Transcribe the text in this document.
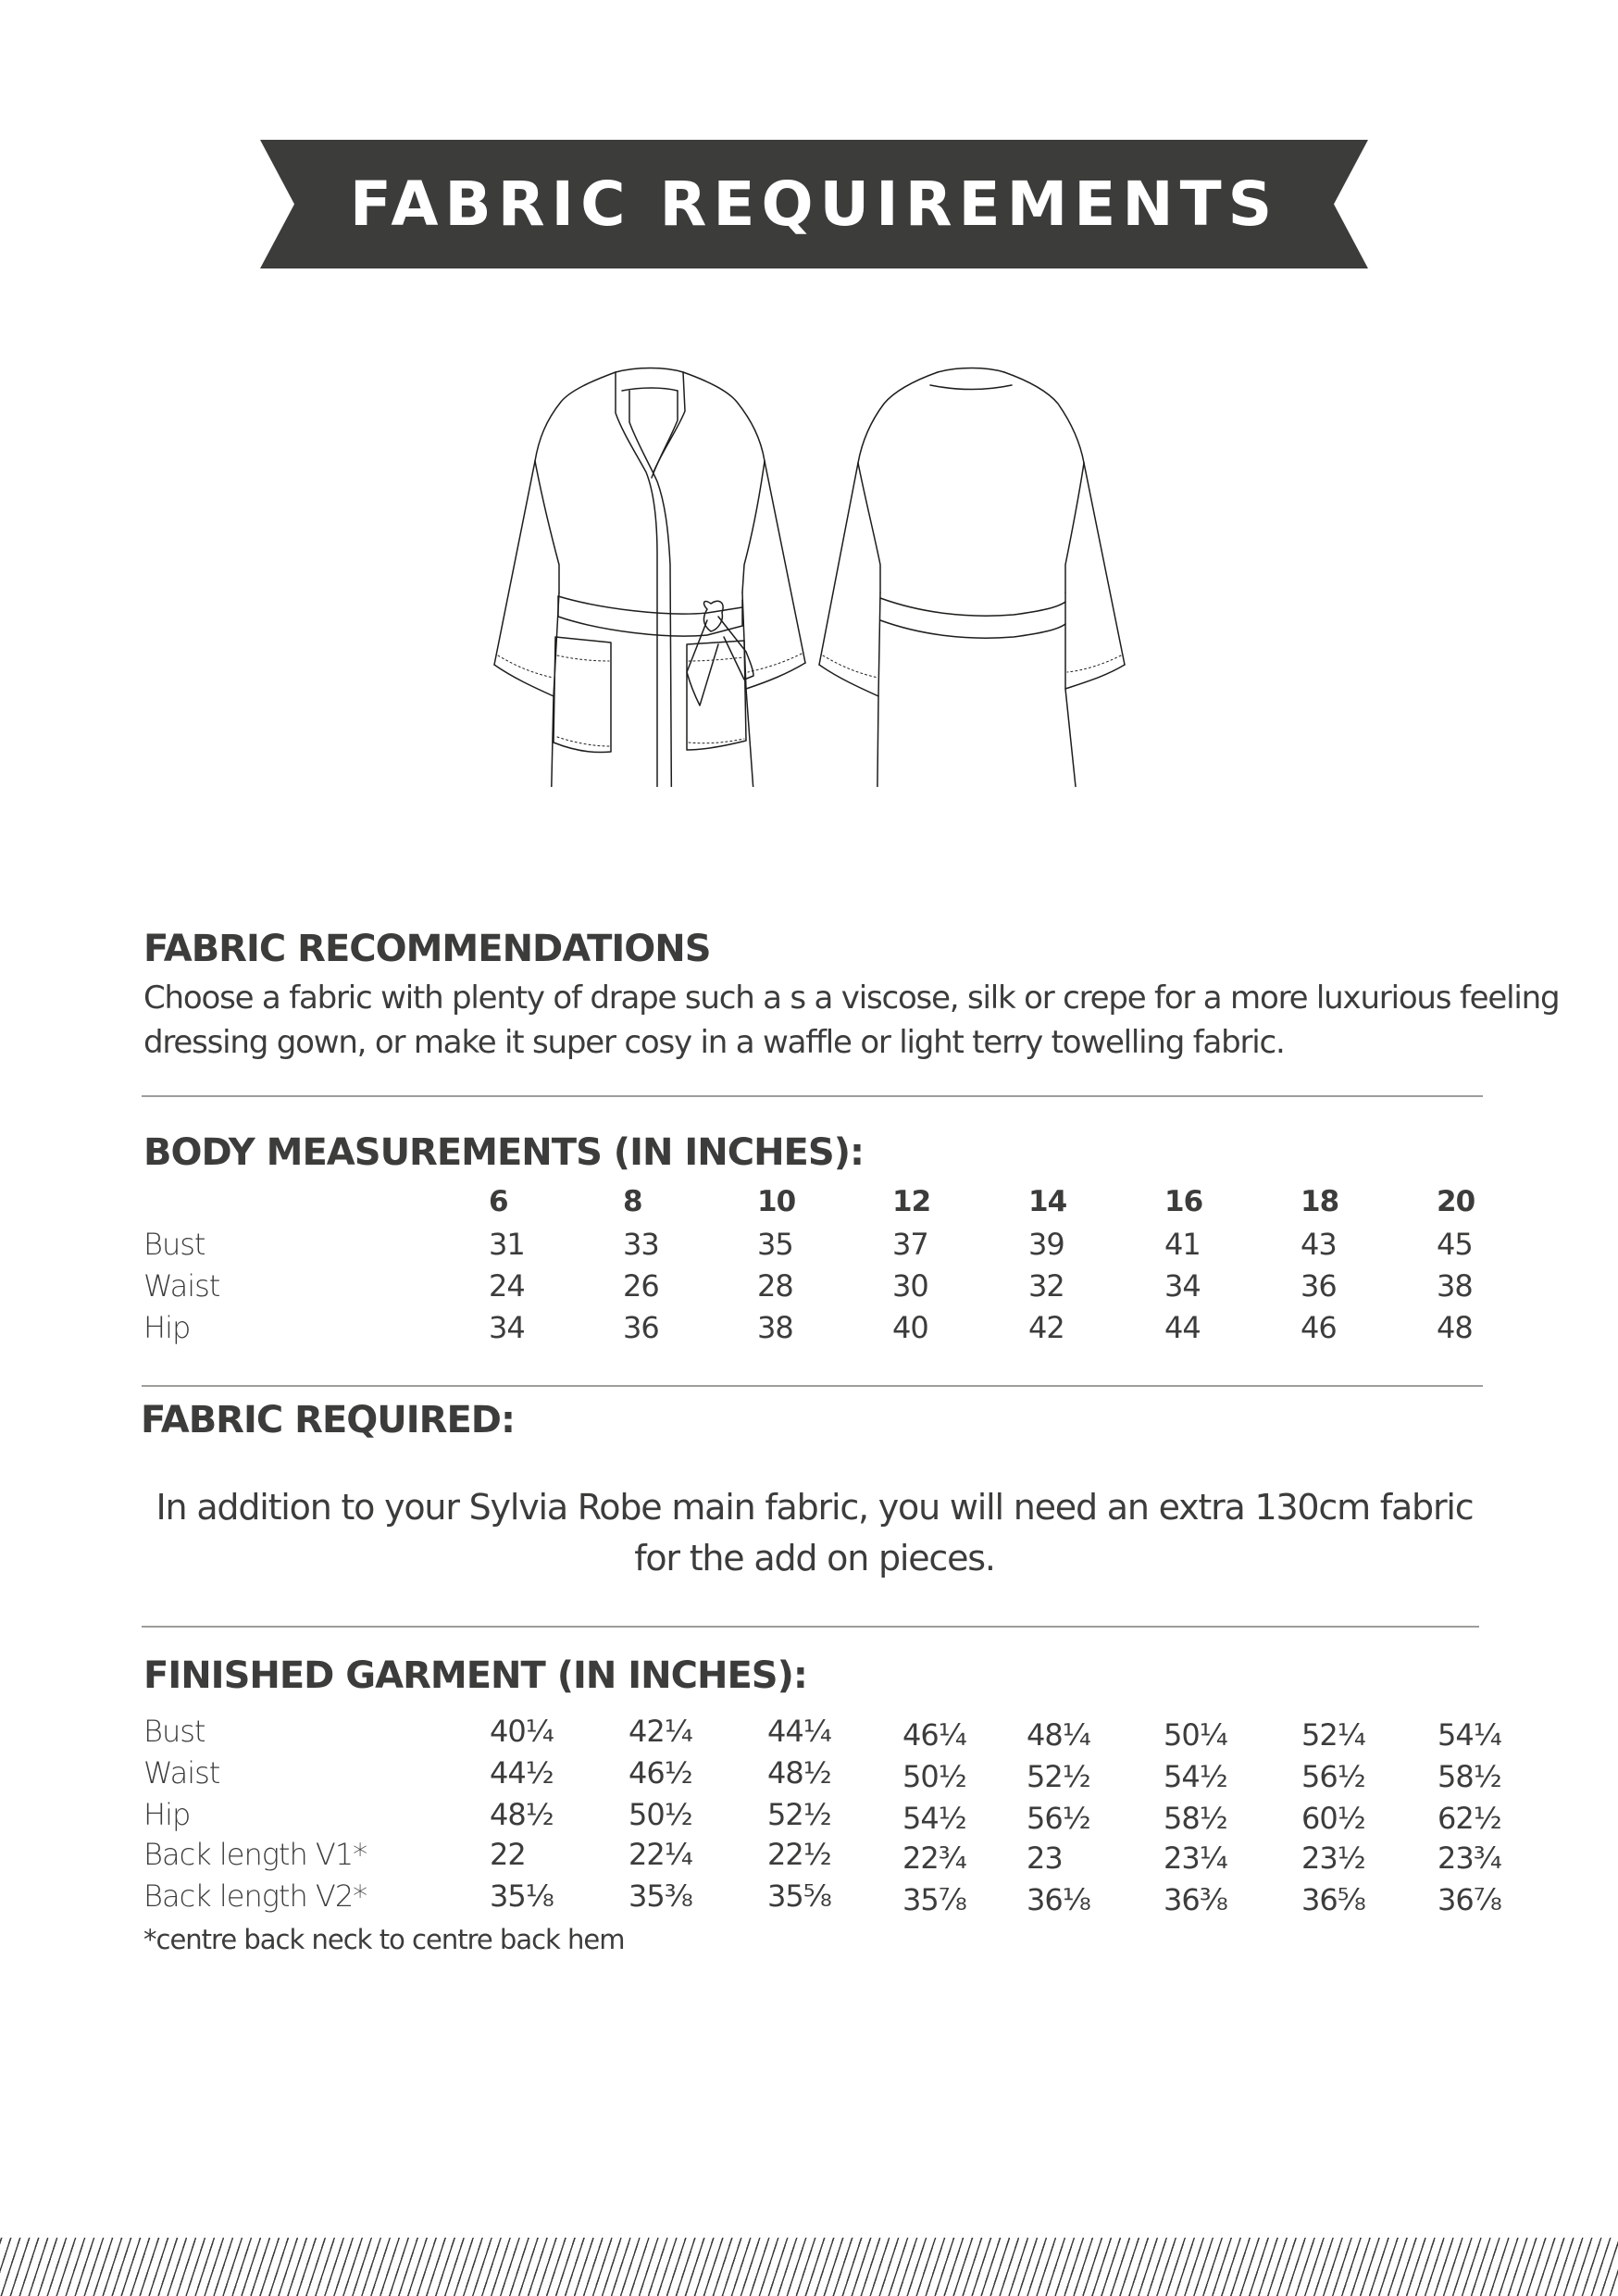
FABRIC REQUIREMENTS
FABRIC RECOMMENDATIONS
Choose a fabric with plenty of drape such a s a viscose, silk or crepe for a more luxurious feeling
dressing gown, or make it super cosy in a waffle or light terry towelling fabric.
BODY MEASUREMENTS (IN INCHES):
6	8	10	12	14	16	18	20
Bust	31	33	35	37	39	41	43	45
Waist	24	26	28	30	32	34	36	38
Hip	34	36	38	40	42	44	46	48
FABRIC REQUIRED:
In addition to your Sylvia Robe main fabric, you will need an extra 130cm fabric
for the add on pieces.
FINISHED GARMENT (IN INCHES):
Bust	40¼	42¼	44¼ 46¼ 48¼ 50¼	52¼ 54¼
Waist	44½	46½	48½ 50½ 52½ 54½	56½ 58½
Hip	48½	50½	52½ 54½ 56½ 58½	60½ 62½
Back length V1*	22	22¼	22½ 22¾ 23	23¼	23½ 23¾
Back length V2*	35⅛	35⅜	35⅝ 35⅞ 36⅛ 36⅜	36⅝ 36⅞
*centre back neck to centre back hem
